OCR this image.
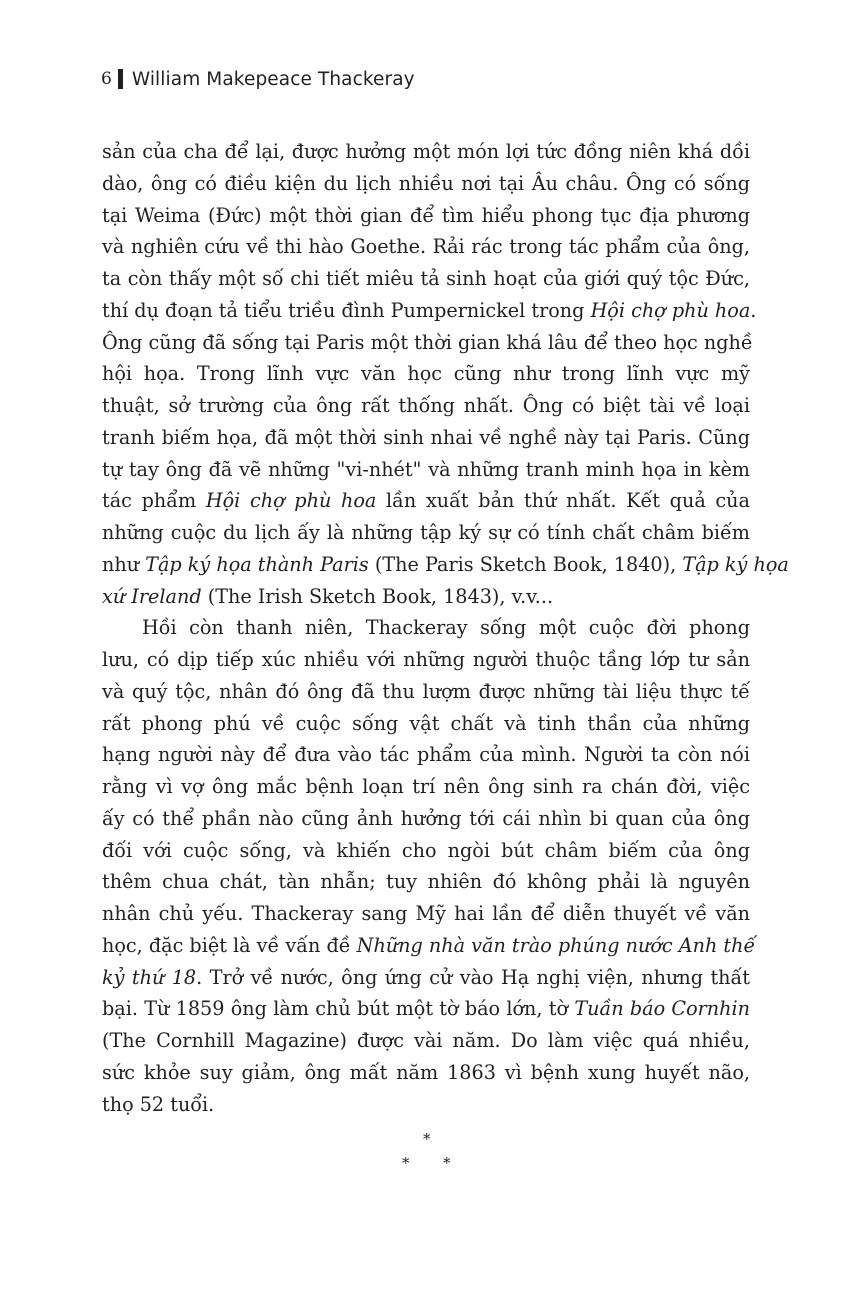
6 William Makepeace Thackeray
sản của cha để lại, được hưởng một món lợi tức đồng niên khá dồi
dào, ông có điều kiện du lịch nhiều nơi tại Âu châu. Ông có sống
tại Weima (Đức) một thời gian để tìm hiểu phong tục địa phương
và nghiên cứu về thi hào Goethe. Rải rác trong tác phẩm của ông,
ta còn thấy một số chi tiết miêu tả sinh hoạt của giới quý tộc Đức,
thí dụ đoạn tả tiểu triều đình Pumpernickel trong Hội chợ phù hoa.
Ông cũng đã sống tại Paris một thời gian khá lâu để theo học nghề
hội họa. Trong lĩnh vực văn học cũng như trong lĩnh vực mỹ
thuật, sở trường của ông rất thống nhất. Ông có biệt tài về loại
tranh biếm họa, đã một thời sinh nhai về nghề này tại Paris. Cũng
tự tay ông đã vẽ những "vi-nhét" và những tranh minh họa in kèm
tác phẩm Hội chợ phù hoa lần xuất bản thứ nhất. Kết quả của
những cuộc du lịch ấy là những tập ký sự có tính chất châm biếm
như Tập ký họa thành Paris (The Paris Sketch Book, 1840), Tập ký họa
xứ Ireland (The Irish Sketch Book, 1843), v.v...
Hồi còn thanh niên, Thackeray sống một cuộc đời phong
lưu, có dịp tiếp xúc nhiều với những người thuộc tầng lớp tư sản
và quý tộc, nhân đó ông đã thu lượm được những tài liệu thực tế
rất phong phú về cuộc sống vật chất và tinh thần của những
hạng người này để đưa vào tác phẩm của mình. Người ta còn nói
rằng vì vợ ông mắc bệnh loạn trí nên ông sinh ra chán đời, việc
ấy có thể phần nào cũng ảnh hưởng tới cái nhìn bi quan của ông
đối với cuộc sống, và khiến cho ngòi bút châm biếm của ông
thêm chua chát, tàn nhẫn; tuy nhiên đó không phải là nguyên
nhân chủ yếu. Thackeray sang Mỹ hai lần để diễn thuyết về văn
học, đặc biệt là về vấn đề Những nhà văn trào phúng nước Anh thế
kỷ thứ 18. Trở về nước, ông ứng cử vào Hạ nghị viện, nhưng thất
bại. Từ 1859 ông làm chủ bút một tờ báo lớn, tờ Tuần báo Cornhin
(The Cornhill Magazine) được vài năm. Do làm việc quá nhiều,
sức khỏe suy giảm, ông mất năm 1863 vì bệnh xung huyết não,
thọ 52 tuổi.
*
* *
